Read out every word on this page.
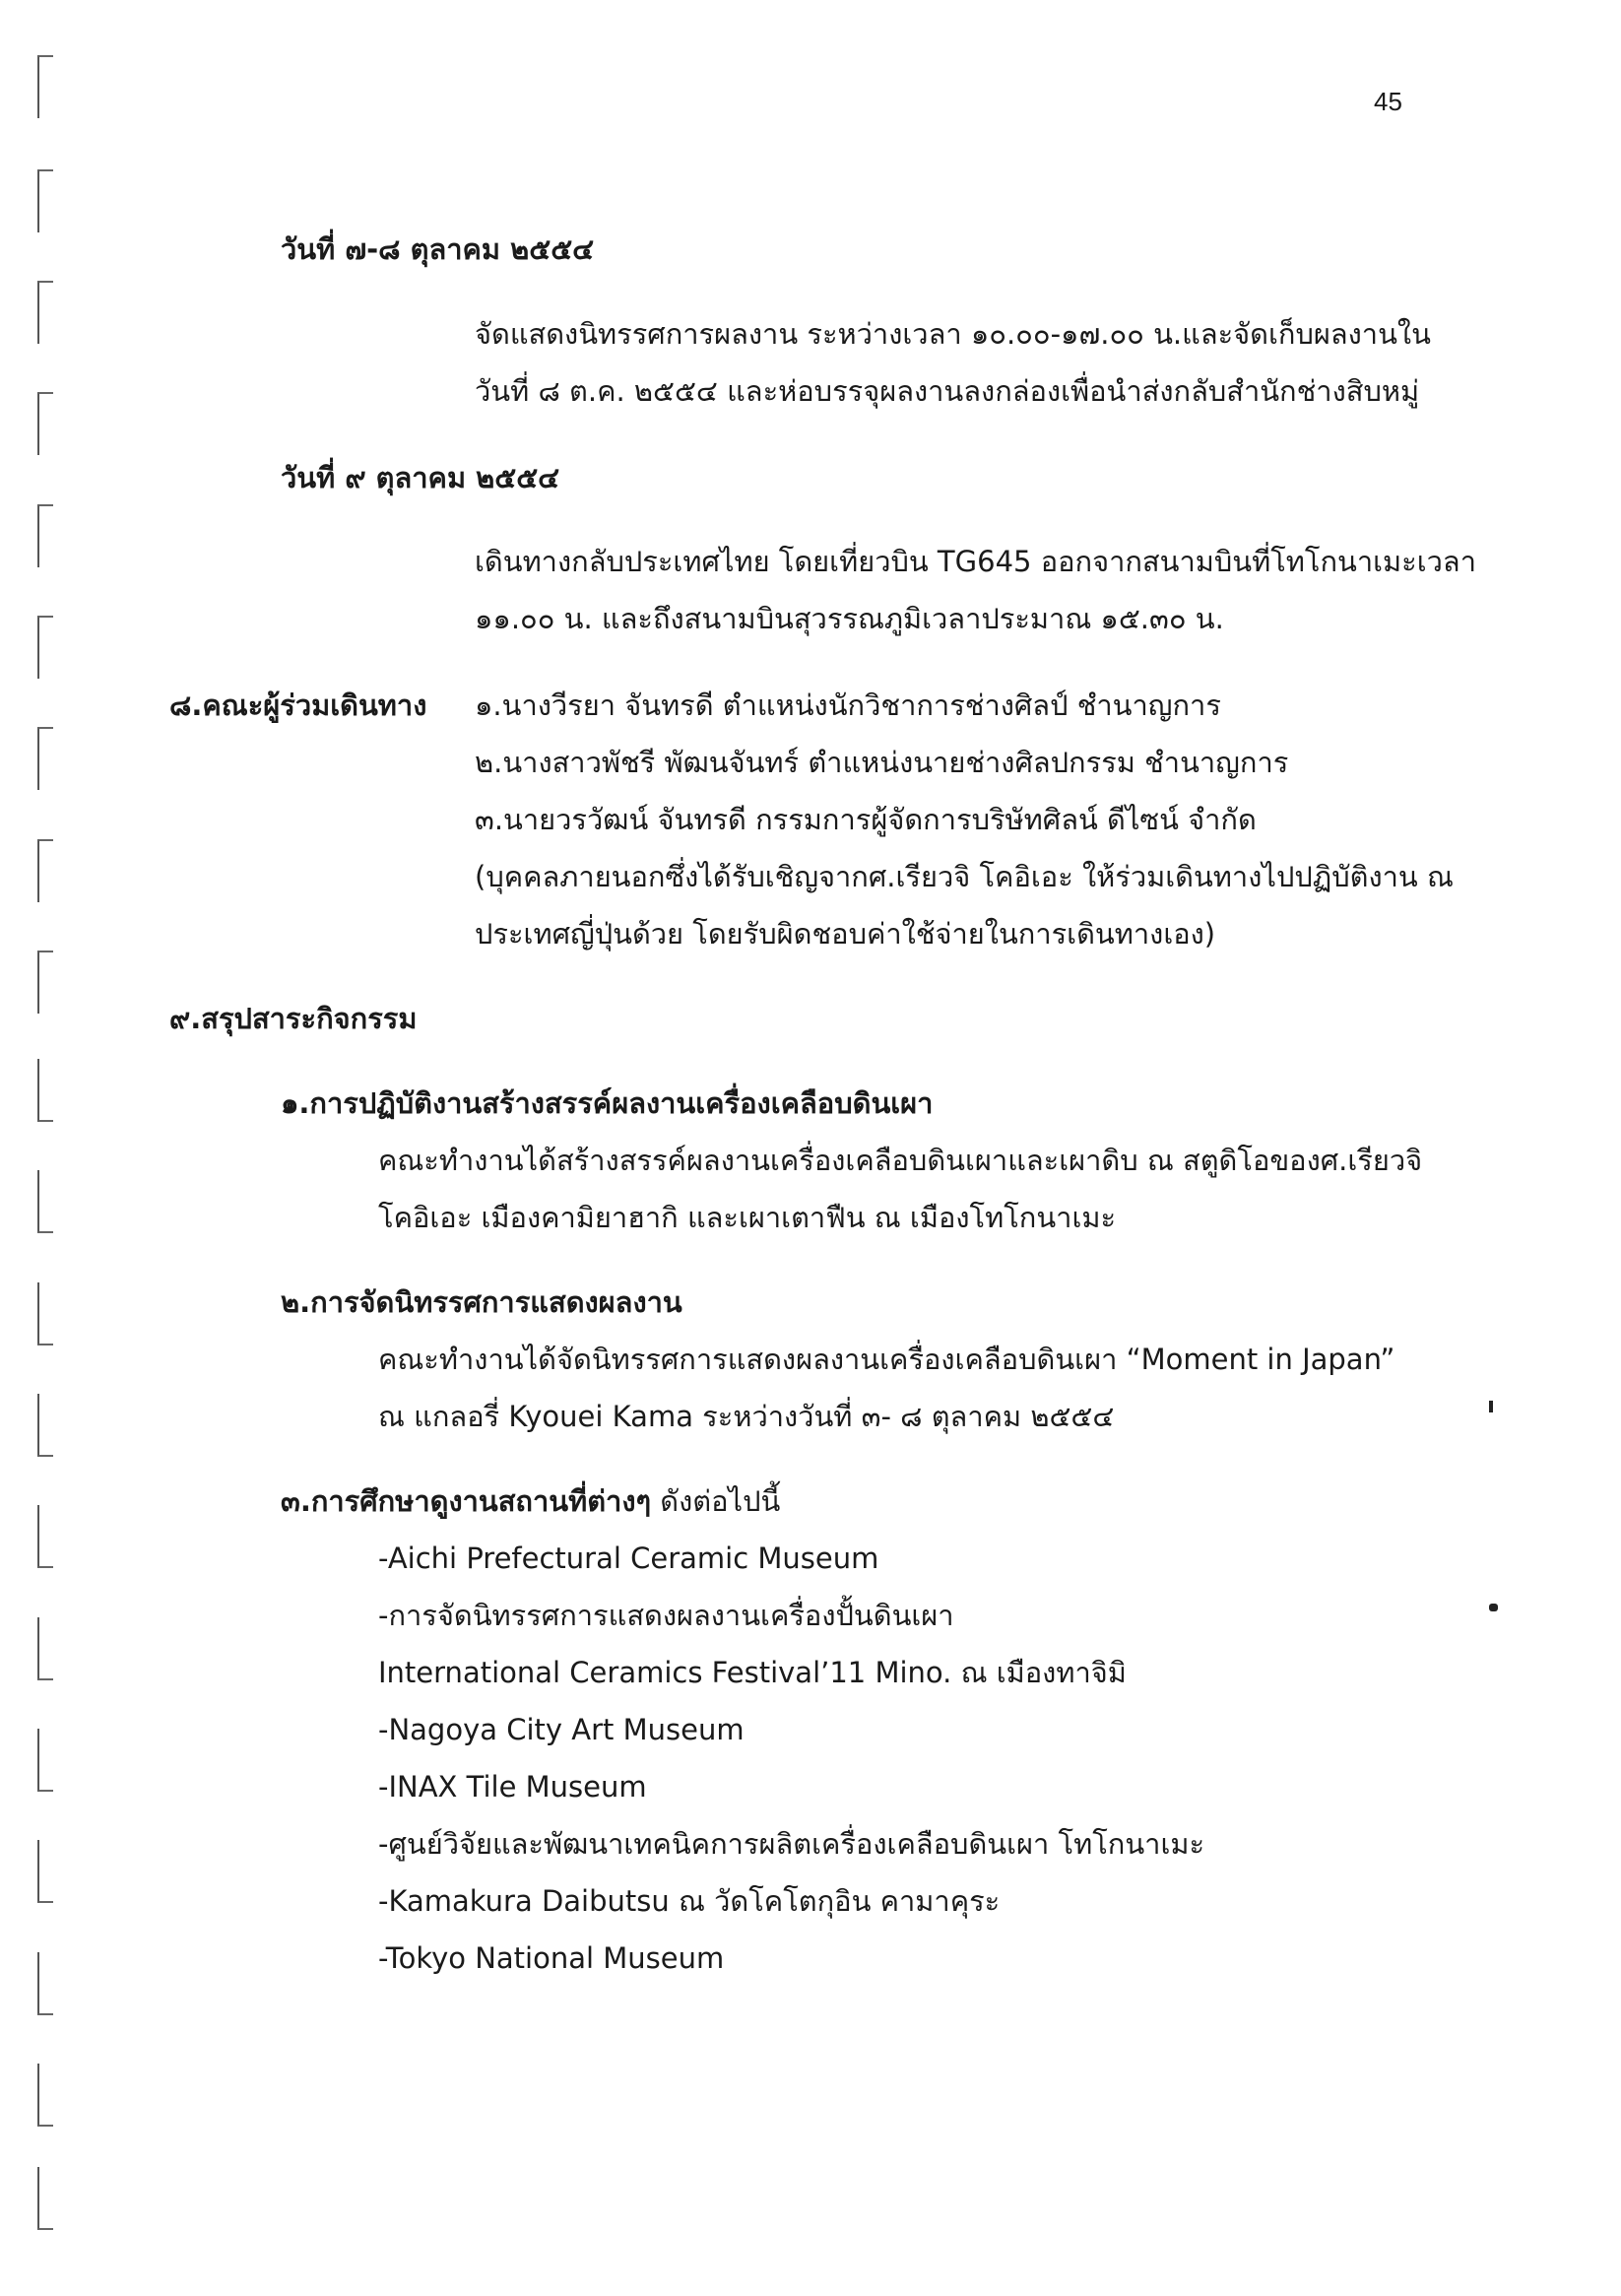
45
วันที่ ๗-๘ ตุลาคม ๒๕๕๔
จัดแสดงนิทรรศการผลงาน ระหว่างเวลา ๑๐.๐๐-๑๗.๐๐ น.และจัดเก็บผลงานใน
วันที่ ๘ ต.ค. ๒๕๕๔ และห่อบรรจุผลงานลงกล่องเพื่อนำส่งกลับสำนักช่างสิบหมู่
วันที่ ๙ ตุลาคม ๒๕๕๔
เดินทางกลับประเทศไทย โดยเที่ยวบิน TG645 ออกจากสนามบินที่โทโกนาเมะเวลา
๑๑.๐๐ น. และถึงสนามบินสุวรรณภูมิเวลาประมาณ ๑๕.๓๐ น.
๘.คณะผู้ร่วมเดินทาง ๑.นางวีรยา จันทรดี ตำแหน่งนักวิชาการช่างศิลป์ ชำนาญการ
๒.นางสาวพัชรี พัฒนจันทร์ ตำแหน่งนายช่างศิลปกรรม ชำนาญการ
๓.นายวรวัฒน์ จันทรดี กรรมการผู้จัดการบริษัทศิลน์ ดีไซน์ จำกัด
(บุคคลภายนอกซึ่งได้รับเชิญจากศ.เรียวจิ โคอิเอะ ให้ร่วมเดินทางไปปฏิบัติงาน ณ
ประเทศญี่ปุ่นด้วย โดยรับผิดชอบค่าใช้จ่ายในการเดินทางเอง)
๙.สรุปสาระกิจกรรม
๑.การปฏิบัติงานสร้างสรรค์ผลงานเครื่องเคลือบดินเผา
คณะทำงานได้สร้างสรรค์ผลงานเครื่องเคลือบดินเผาและเผาดิบ ณ สตูดิโอของศ.เรียวจิ
โคอิเอะ เมืองคามิยาฮากิ และเผาเตาฟืน ณ เมืองโทโกนาเมะ
๒.การจัดนิทรรศการแสดงผลงาน
คณะทำงานได้จัดนิทรรศการแสดงผลงานเครื่องเคลือบดินเผา “Moment in Japan”
ณ แกลอรี่ Kyouei Kama ระหว่างวันที่ ๓- ๘ ตุลาคม ๒๕๕๔
๓.การศึกษาดูงานสถานที่ต่างๆ ดังต่อไปนี้
-Aichi Prefectural Ceramic Museum
-การจัดนิทรรศการแสดงผลงานเครื่องปั้นดินเผา
International Ceramics Festival’11 Mino. ณ เมืองทาจิมิ
-Nagoya City Art Museum
-INAX Tile Museum
-ศูนย์วิจัยและพัฒนาเทคนิคการผลิตเครื่องเคลือบดินเผา โทโกนาเมะ
-Kamakura Daibutsu ณ วัดโคโตกุอิน คามาคุระ
-Tokyo National Museum
